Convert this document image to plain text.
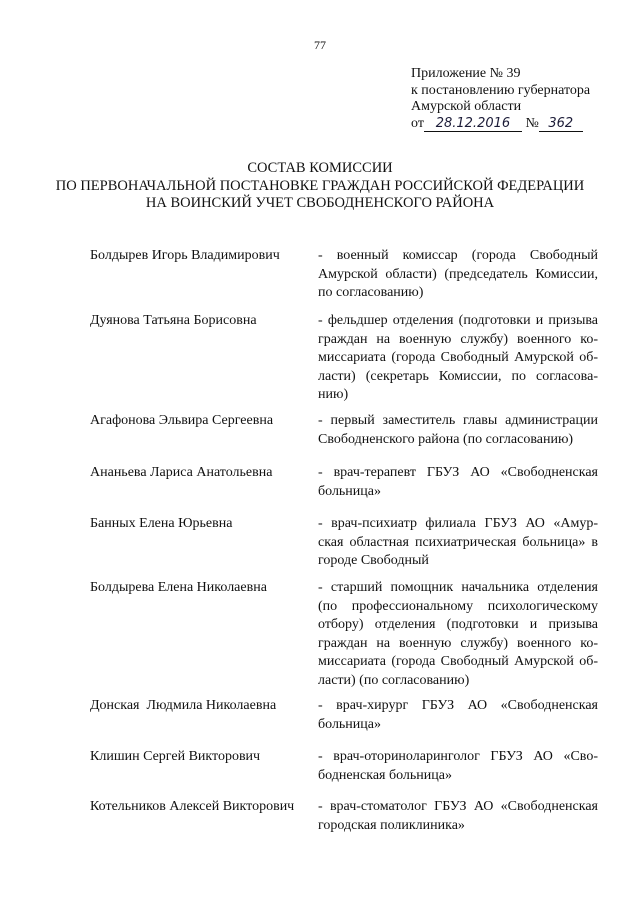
77
Приложение № 39
к постановлению губернатора
Амурской области
от 28.12.2016 № 362
СОСТАВ КОМИССИИ
ПО ПЕРВОНАЧАЛЬНОЙ ПОСТАНОВКЕ ГРАЖДАН РОССИЙСКОЙ ФЕДЕРАЦИИ
НА ВОИНСКИЙ УЧЕТ СВОБОДНЕНСКОГО РАЙОНА
Болдырев Игорь Владимирович	- военный комиссар (города Свободный
Амурской области) (председатель Комиссии,
по согласованию)
Дуянова Татьяна Борисовна	- фельдшер отделения (подготовки и призыва
граждан на военную службу) военного ко-
миссариата (города Свободный Амурской об-
ласти) (секретарь Комиссии, по согласова-
нию)
Агафонова Эльвира Сергеевна	- первый заместитель главы администрации
Свободненского района (по согласованию)
Ананьева Лариса Анатольевна	- врач-терапевт ГБУЗ АО «Свободненская
больница»
Банных Елена Юрьевна	- врач-психиатр филиала ГБУЗ АО «Амур-
ская областная психиатрическая больница» в
городе Свободный
Болдырева Елена Николаевна	- старший помощник начальника отделения
(по профессиональному психологическому
отбору) отделения (подготовки и призыва
граждан на военную службу) военного ко-
миссариата (города Свободный Амурской об-
ласти) (по согласованию)
Донская  Людмила Николаевна	- врач-хирург ГБУЗ АО «Свободненская
больница»
Клишин Сергей Викторович	- врач-оториноларинголог ГБУЗ АО «Сво-
бодненская больница»
Котельников Алексей Викторович	- врач-стоматолог ГБУЗ АО «Свободненская
городская поликлиника»
